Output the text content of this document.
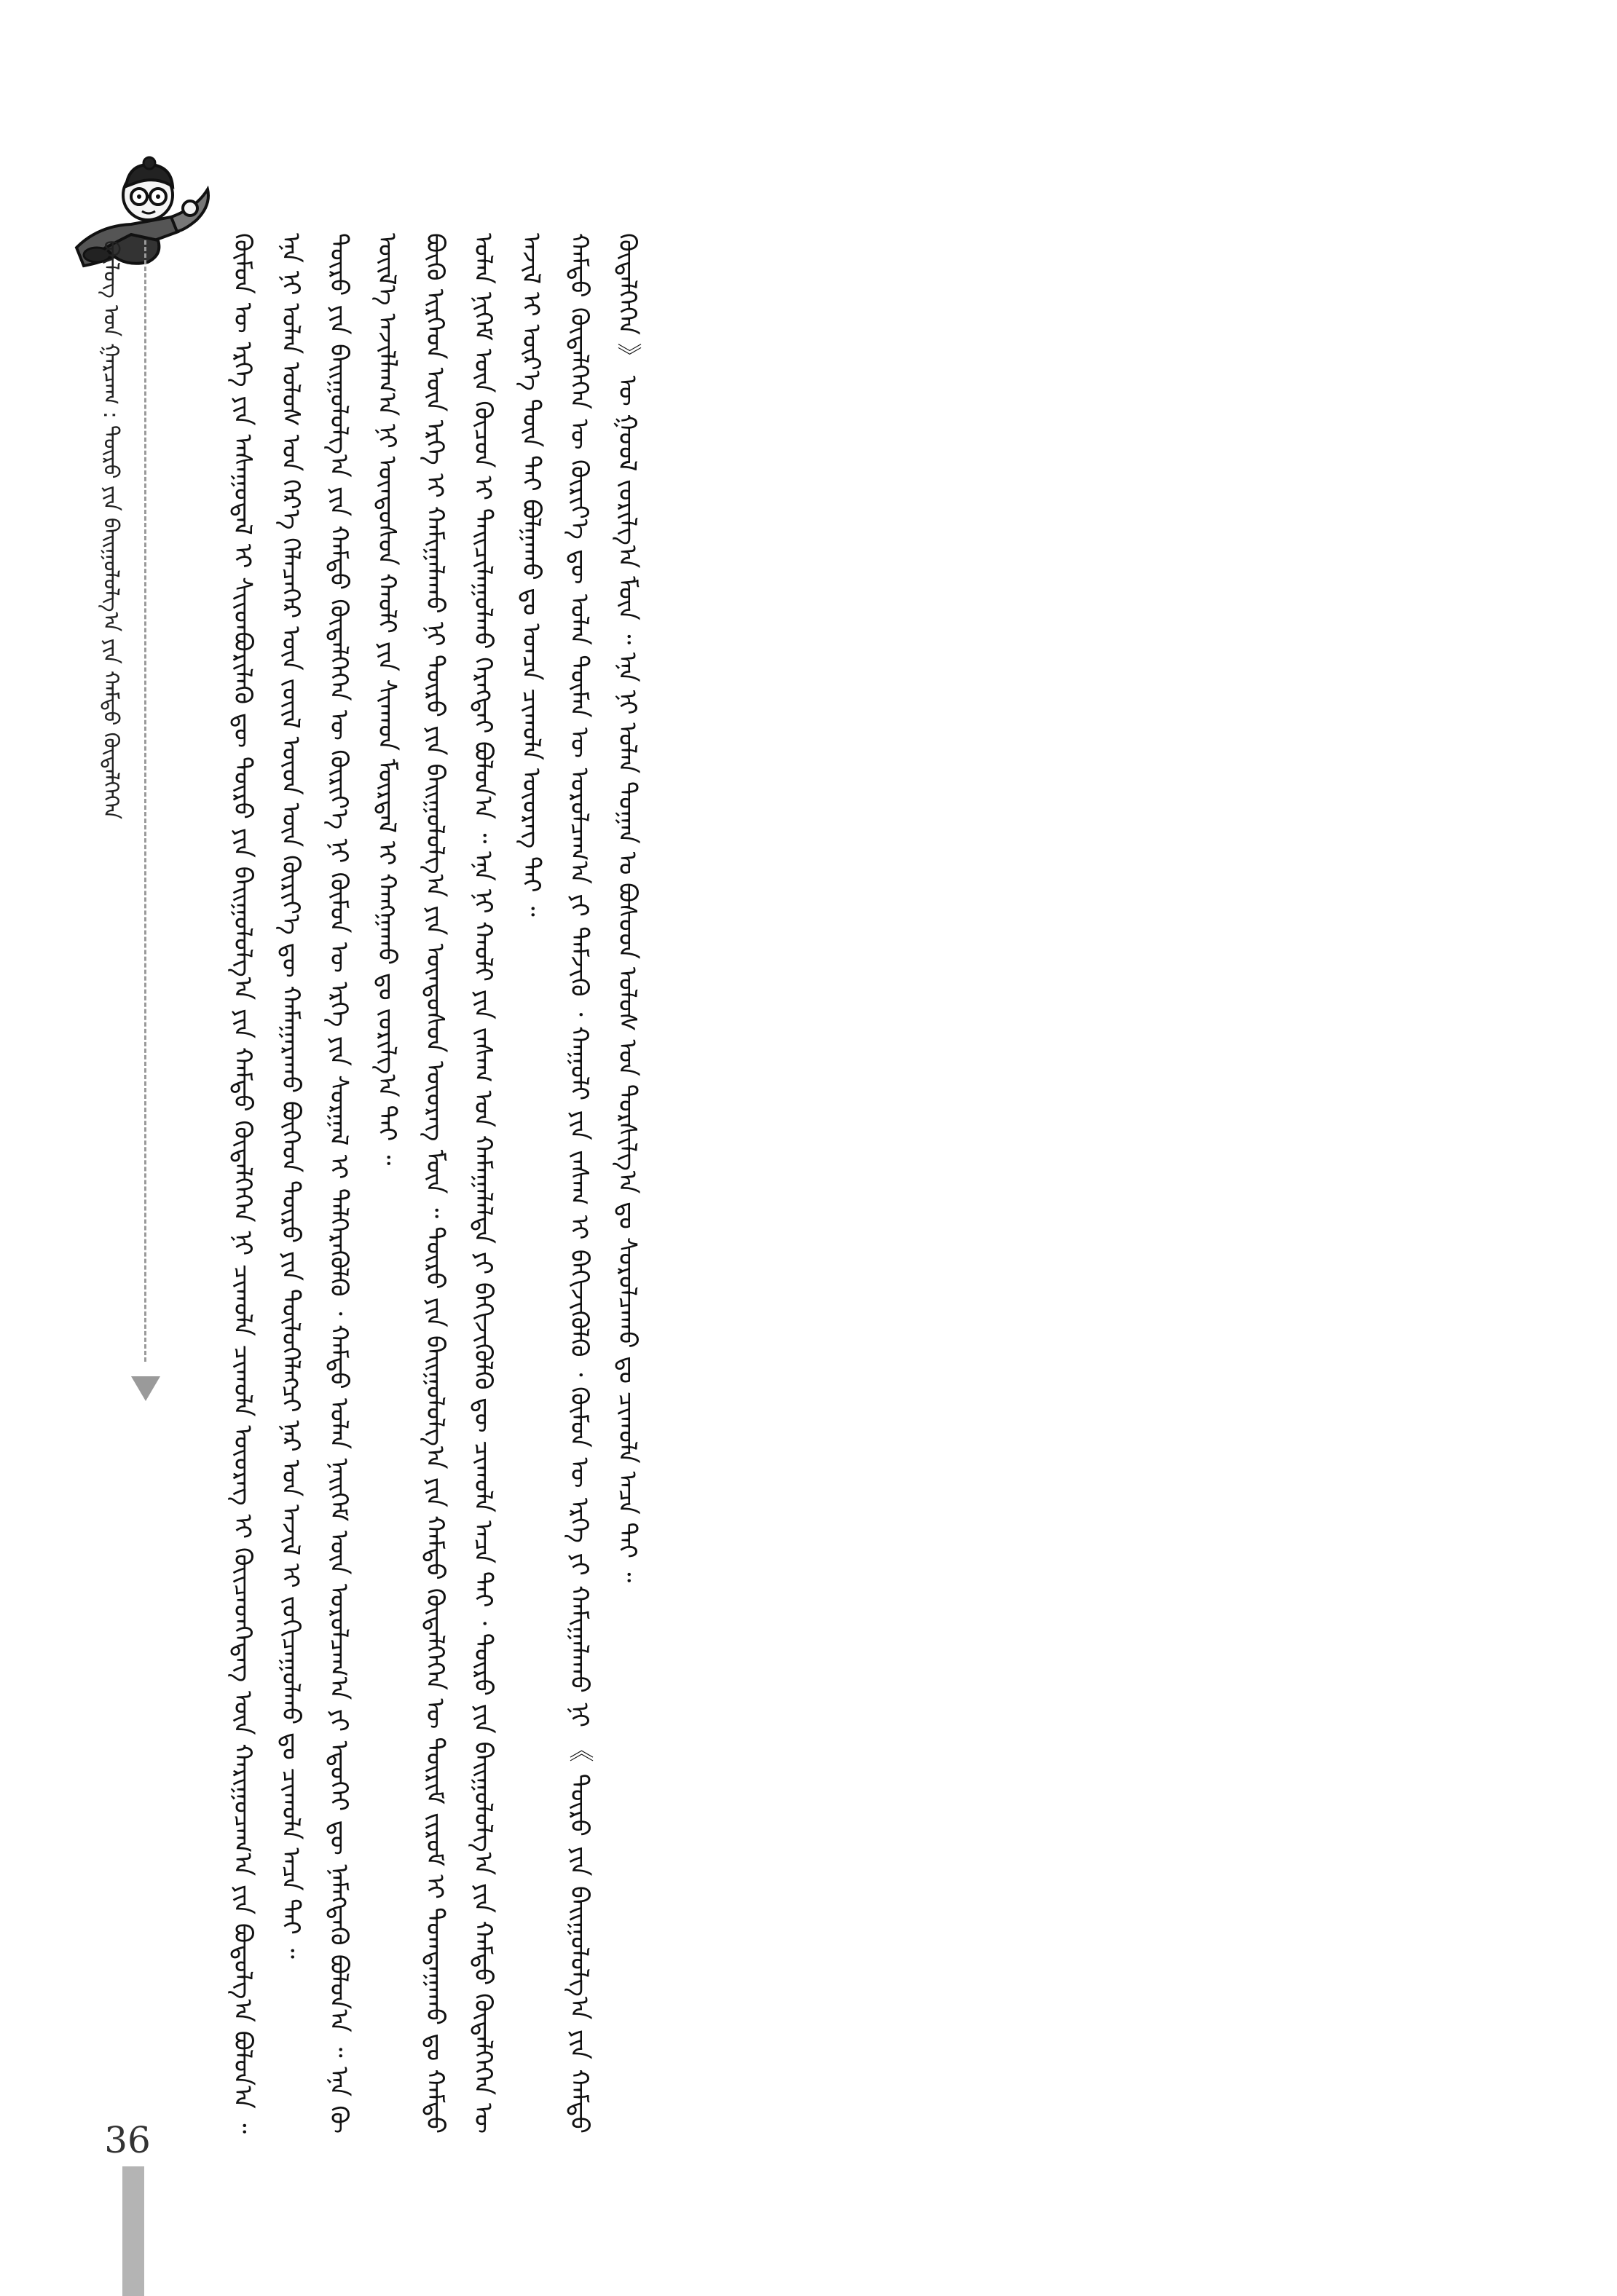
ᠪᠦᠯᠦᠭ ᠤᠨ ᠭᠠᠷᠴᠠᠭ : ᠲᠥᠷᠥ ᠶᠢᠨ ᠪᠠᠢᠭᠤᠯᠤᠯᠭ᠎ᠠ ᠶᠢᠨ ᠬᠠᠮᠲᠤ ᠬᠥᠳᠡᠯᠭᠡᠭᠡᠨ	ᠬᠦᠮᠦᠨ ᠦ ᠡᠷᠬᠡ ᠶᠢᠨ ᠠᠰᠠᠭᠤᠳᠠᠯ ᠢ ᠰᠢᠢᠳᠪᠦᠷᠢᠯᠡᠬᠦ ᠳᠦ ᠲᠥᠷᠥ ᠶᠢᠨ ᠪᠠᠢᠭᠤᠯᠤᠯᠭ᠎ᠠ ᠶᠢᠨ ᠬᠠᠮᠲᠤ ᠬᠥᠳᠡᠯᠭᠡᠭᠡᠨ ᠨᠢ ᠴᠢᠬᠤᠯᠠ ᠴᠢᠬᠤᠯᠠ ᠦᠦᠷᠡᠭ ᠢ ᠭᠦᠢᠴᠡᠳᠬᠡᠳᠡᠭ ᠦᠨ ᠬᠠᠷᠢᠭᠤᠴᠠᠭ᠎ᠠ ᠶᠢᠨ ᠪᠣᠳᠣᠯᠭ᠎ᠠ ᠪᠣᠯᠤᠨ᠎ᠠ ᠃ ᠡᠨᠡ ᠨᠢ ᠣᠯᠠᠨ ᠤᠯᠤᠰ ᠤᠨ ᠭᠡᠷ᠎ᠡ ᠬᠡᠯᠡᠴᠡᠭᠡᠷ ᠦᠨ ᠵᠦᠢᠯ ᠦᠳ ᠦᠨ ᠬᠦᠷᠢᠶ᠎ᠡ ᠳᠦ ᠬᠠᠮᠠᠭᠠᠷᠠᠬᠤ ᠪᠥᠭᠡᠳ ᠲᠥᠷᠥ ᠶᠢᠨ ᠲᠥᠯᠥᠭᠡᠯᠡᠭᠴᠢ ᠨᠠᠷ ᠤᠨ ᠠᠵᠢᠯ ᠢ ᠵᠣᠬᠢᠴᠠᠭᠤᠯᠬᠤ ᠳᠤ ᠴᠢᠬᠤᠯᠠ ᠠᠴᠠ ᠲᠠᠢ ᠃ ᠲᠥᠷᠥ ᠶᠢᠨ ᠪᠠᠢᠭᠤᠯᠤᠯᠭ᠎ᠠ ᠶᠢᠨ ᠬᠠᠮᠲᠤ ᠬᠥᠳᠡᠯᠭᠡᠭᠡᠨ ᠦ ᠬᠦᠷᠢᠶ᠎ᠡ ᠨᠢ ᠬᠦᠮᠦᠨ ᠦ ᠡᠷᠬᠡ ᠶᠢᠨ ᠰᠤᠷᠭᠠᠯ ᠢ ᠳᠡᠯᠭᠡᠷᠡᠭᠦᠯᠬᠦ ᠂ ᠬᠠᠮᠲᠤ ᠣᠯᠠᠨ ᠨᠡᠢᠭᠡᠮ ᠦᠨ ᠣᠷᠣᠯᠴᠠᠭ᠎ᠠ ᠶᠢ ᠡᠳᠦᠭᠡᠢ ᠳᠦ ᠨᠡᠮᠡᠭᠳᠡᠬᠦ ᠪᠣᠯᠤᠨ᠎ᠠ ᠃ ᠡᠨᠡ ᠬᠦ ᠦᠢᠯ᠎ᠡ ᠠᠵᠢᠯᠯᠠᠭ᠎ᠠ ᠨᠢ ᠦᠨᠳᠦᠰᠦᠨ ᠬᠠᠤᠯᠢ ᠶᠢᠨ ᠰᠢᠬᠠᠳ ᠮᠥᠷᠳᠡᠯ ᠢ ᠬᠠᠩᠭᠠᠬᠤ ᠳᠤ ᠵᠣᠷᠢᠯᠭ᠎ᠠ ᠲᠠᠢ ᠃ ᠪᠦᠬᠦ ᠢᠷᠭᠡᠳ ᠦᠨ ᠡᠷᠬᠡ ᠢ ᠬᠠᠮᠢᠭᠠᠯᠠᠬᠤ ᠨᠢ ᠲᠥᠷᠥ ᠶᠢᠨ ᠪᠠᠢᠭᠤᠯᠤᠯᠭ᠎ᠠ ᠶᠢᠨ ᠦᠨᠳᠦᠰᠦᠨ ᠦᠦᠷᠡᠭ ᠮᠥᠨ ᠃ ᠲᠥᠷᠥ ᠶᠢᠨ ᠪᠠᠢᠭᠤᠯᠤᠯᠭ᠎ᠠ ᠶᠢᠨ ᠬᠠᠮᠲᠤ ᠬᠥᠳᠡᠯᠭᠡᠭᠡᠨ ᠦ ᠳᠦᠷᠢᠮ ᠵᠢᠷᠤᠮ ᠢ ᠲᠣᠭᠲᠠᠭᠠᠬᠤ ᠳᠤ ᠬᠠᠮᠲᠤ ᠣᠯᠠᠨ ᠨᠢᠭᠡᠮ ᠦᠨ ᠬᠦᠴᠦᠨ ᠢ ᠳᠠᠢᠴᠢᠯᠠᠭᠤᠯᠬᠤ ᠬᠡᠷᠡᠭᠲᠡᠢ ᠪᠣᠯᠤᠨ᠎ᠠ ᠃ ᠡᠨᠡ ᠨᠢ ᠬᠠᠤᠯᠢ ᠶᠢᠨ ᠵᠠᠰᠠᠭ ᠤᠨ ᠬᠠᠮᠠᠭᠠᠯᠠᠯᠲᠠ ᠶᠢ ᠪᠡᠬᠢᠵᠢᠭᠦᠯᠬᠦ ᠳᠦ ᠴᠢᠬᠤᠯᠠ ᠠᠴᠠ ᠲᠠᠢ ᠂ ᠲᠥᠷᠥ ᠶᠢᠨ ᠪᠠᠢᠭᠤᠯᠤᠯᠭ᠎ᠠ ᠶᠢᠨ ᠬᠠᠮᠲᠤ ᠬᠥᠳᠡᠯᠭᠡᠭᠡᠨ ᠦ ᠠᠵᠢᠯ ᠢ ᠦᠷ᠎ᠡ ᠳᠦᠨ ᠲᠡᠢ ᠪᠣᠯᠭᠠᠬᠤ ᠳᠤ ᠣᠨᠴᠠ ᠴᠢᠬᠤᠯᠠ ᠦᠦᠷᠡᠭ ᠲᠡᠢ ᠃ ᠬᠠᠮᠲᠤ ᠬᠥᠳᠡᠯᠭᠡᠭᠡᠨ ᠦ ᠬᠦᠷᠢᠶ᠎ᠡ ᠳᠦ ᠣᠯᠠᠨ ᠲᠥᠮᠡᠨ ᠦ ᠣᠷᠣᠯᠴᠠᠭ᠎ᠠ ᠶᠢ ᠳᠡᠮᠵᠢᠬᠦ ᠂ ᠬᠠᠭᠤᠯᠢ ᠶᠢᠨ ᠵᠠᠰᠠᠭ ᠢ ᠪᠡᠬᠢᠵᠢᠭᠦᠯᠬᠦ ᠂ ᠬᠦᠮᠦᠨ ᠦ ᠡᠷᠬᠡ ᠶᠢ ᠬᠠᠮᠢᠭᠠᠯᠠᠬᠤ ᠨᠢ 《 ᠲᠥᠷᠥ ᠶᠢᠨ ᠪᠠᠢᠭᠤᠯᠤᠯᠭ᠎ᠠ ᠶᠢᠨ ᠬᠠᠮᠲᠤ ᠬᠥᠳᠡᠯᠭᠡᠭᠡᠨ 》 ᠦ ᠭᠣᠣᠯ ᠵᠣᠷᠢᠯᠭ᠎ᠠ ᠮᠥᠨ ᠃ ᠡᠨᠡ ᠨᠢ ᠣᠯᠠᠨ ᠲᠣᠭᠠᠨ ᠤ ᠪᠤᠰᠤᠳ ᠤᠯᠤᠰ ᠤᠨ ᠲᠤᠷᠰᠢᠯᠭ᠎ᠠ ᠳᠤ ᠰᠤᠷᠤᠯᠴᠠᠬᠤ ᠳᠤ ᠴᠢᠬᠤᠯᠠ ᠠᠴᠠ ᠲᠠᠢ ᠃

36
